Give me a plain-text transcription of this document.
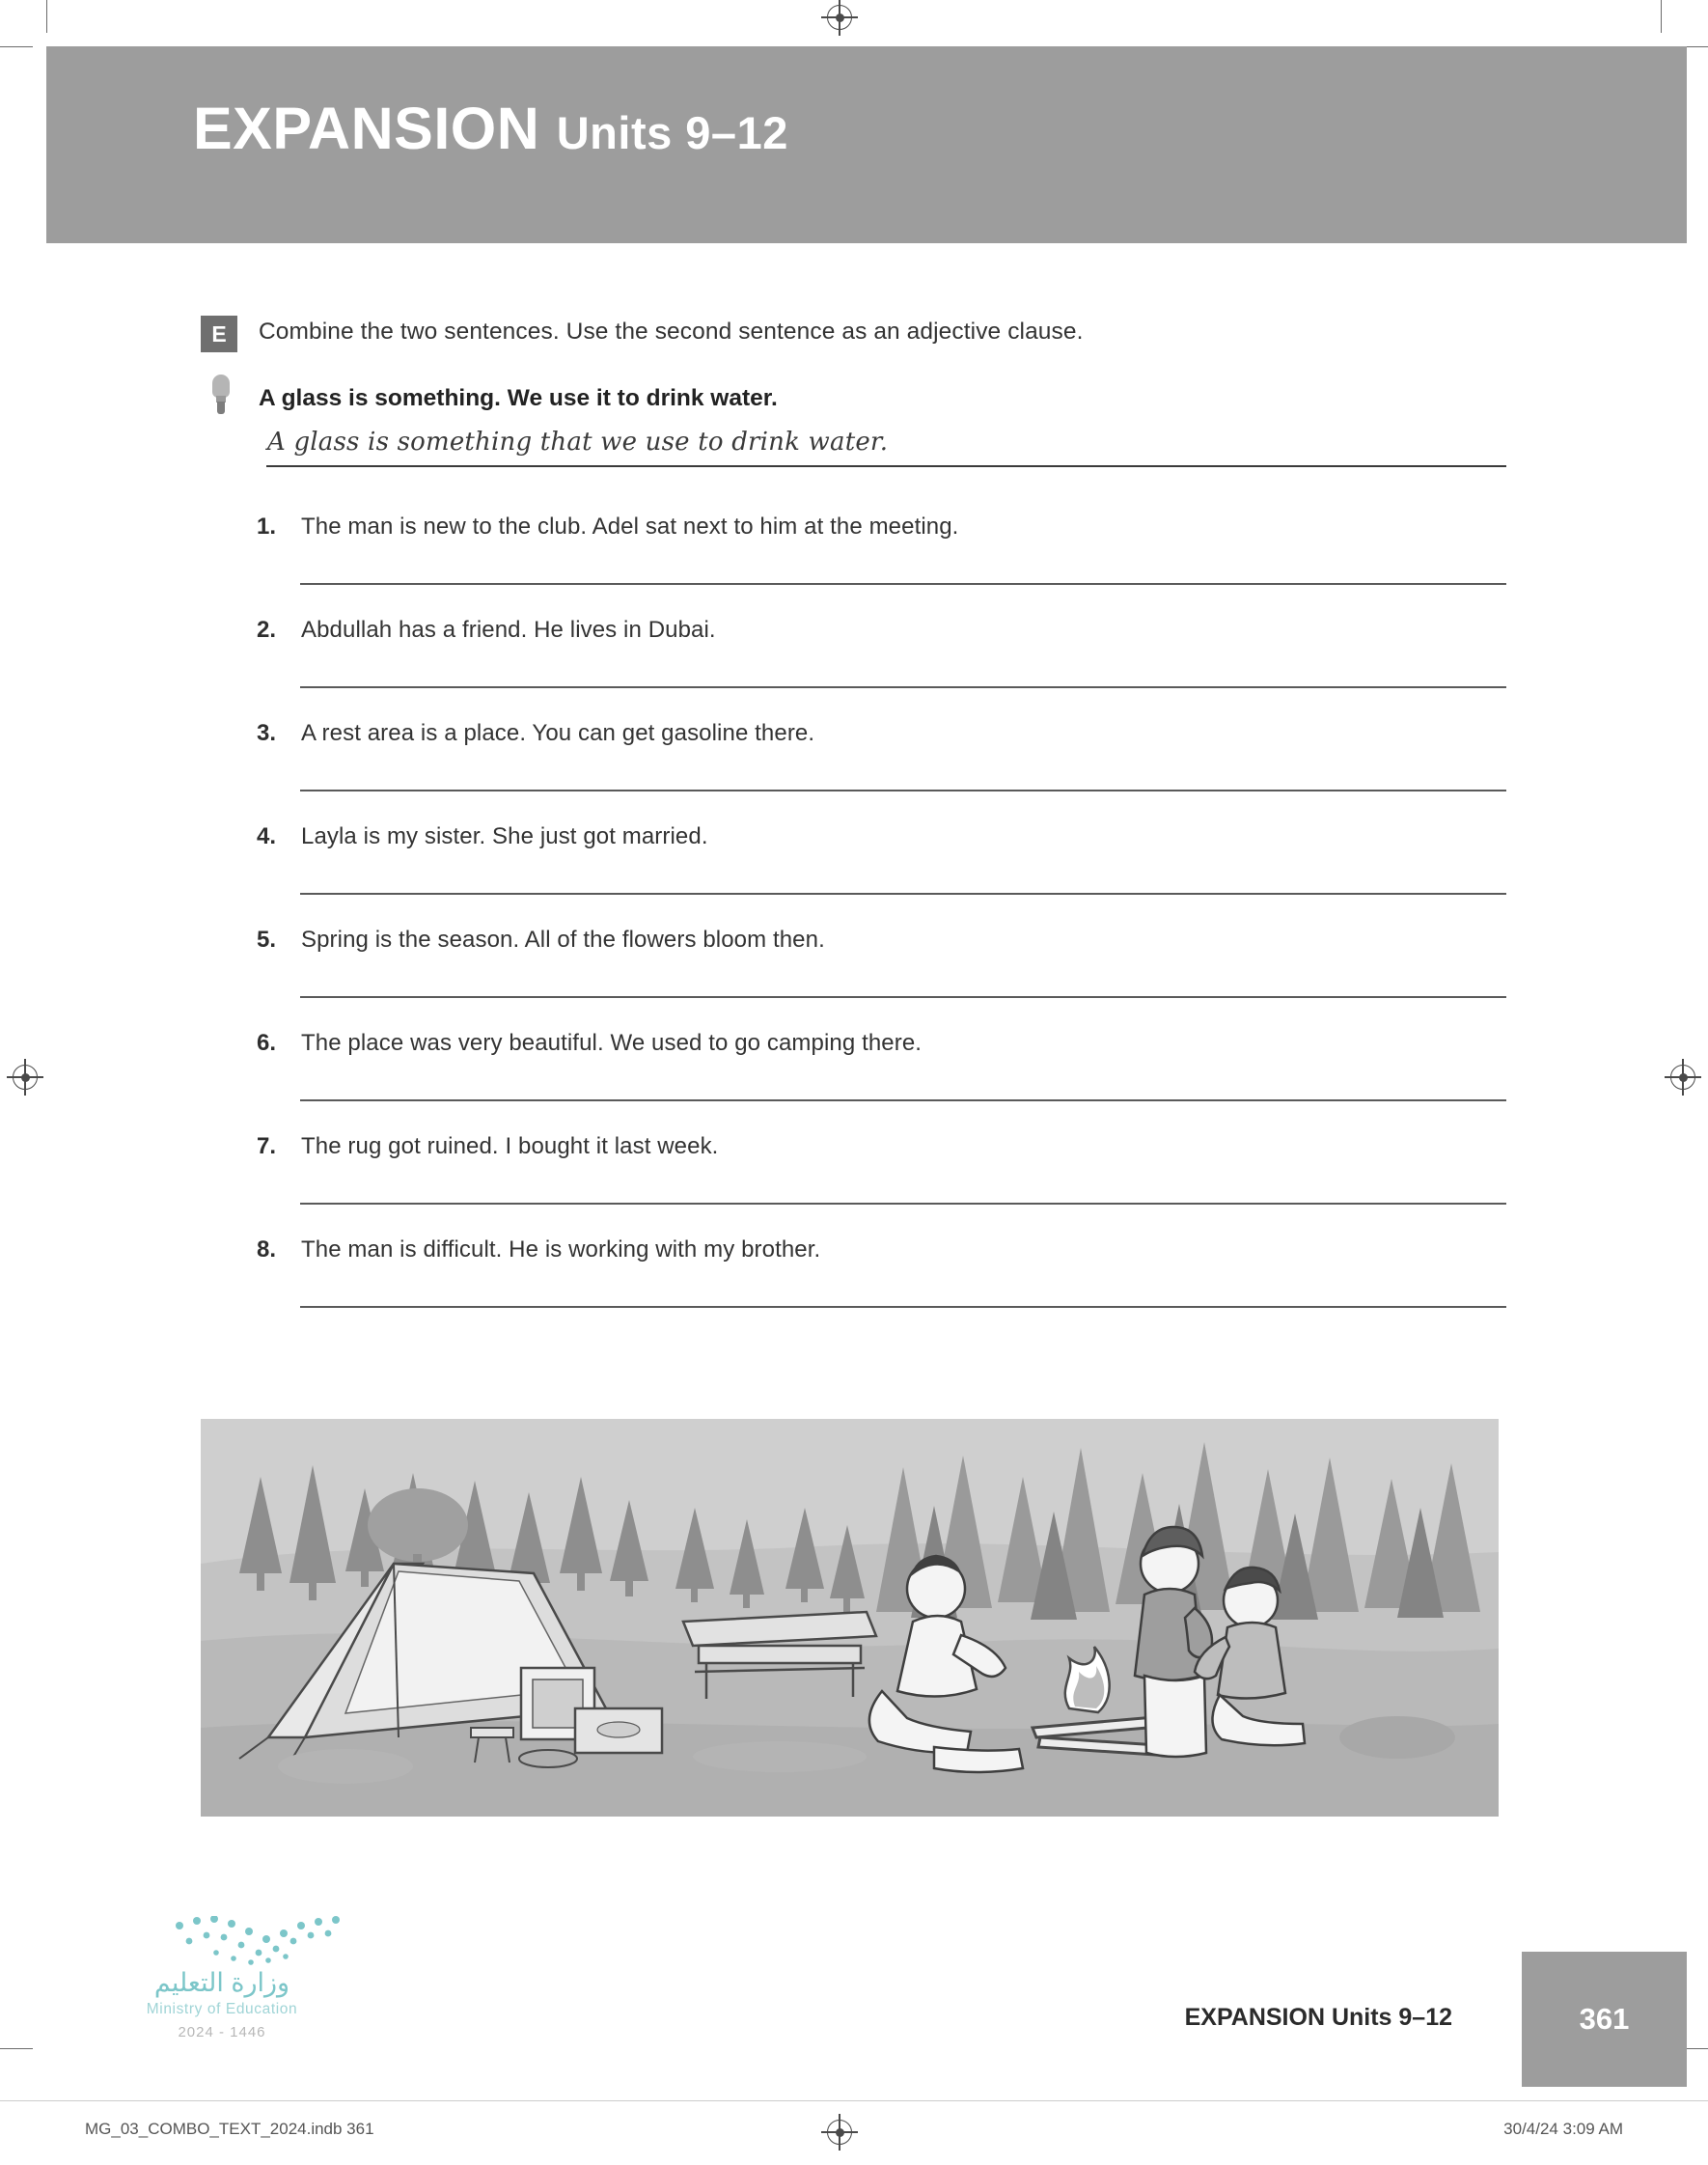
EXPANSION Units 9–12
E	Combine the two sentences. Use the second sentence as an adjective clause.
A glass is something. We use it to drink water.
A glass is something that we use to drink water.
1. The man is new to the club. Adel sat next to him at the meeting.
2. Abdullah has a friend. He lives in Dubai.
3. A rest area is a place. You can get gasoline there.
4. Layla is my sister. She just got married.
5. Spring is the season. All of the flowers bloom then.
6. The place was very beautiful. We used to go camping there.
7. The rug got ruined. I bought it last week.
8. The man is difficult. He is working with my brother.
وزارة التعليم
Ministry of Education
2024 - 1446
EXPANSION Units 9–12	361
MG_03_COMBO_TEXT_2024.indb 361	30/4/24 3:09 AM
